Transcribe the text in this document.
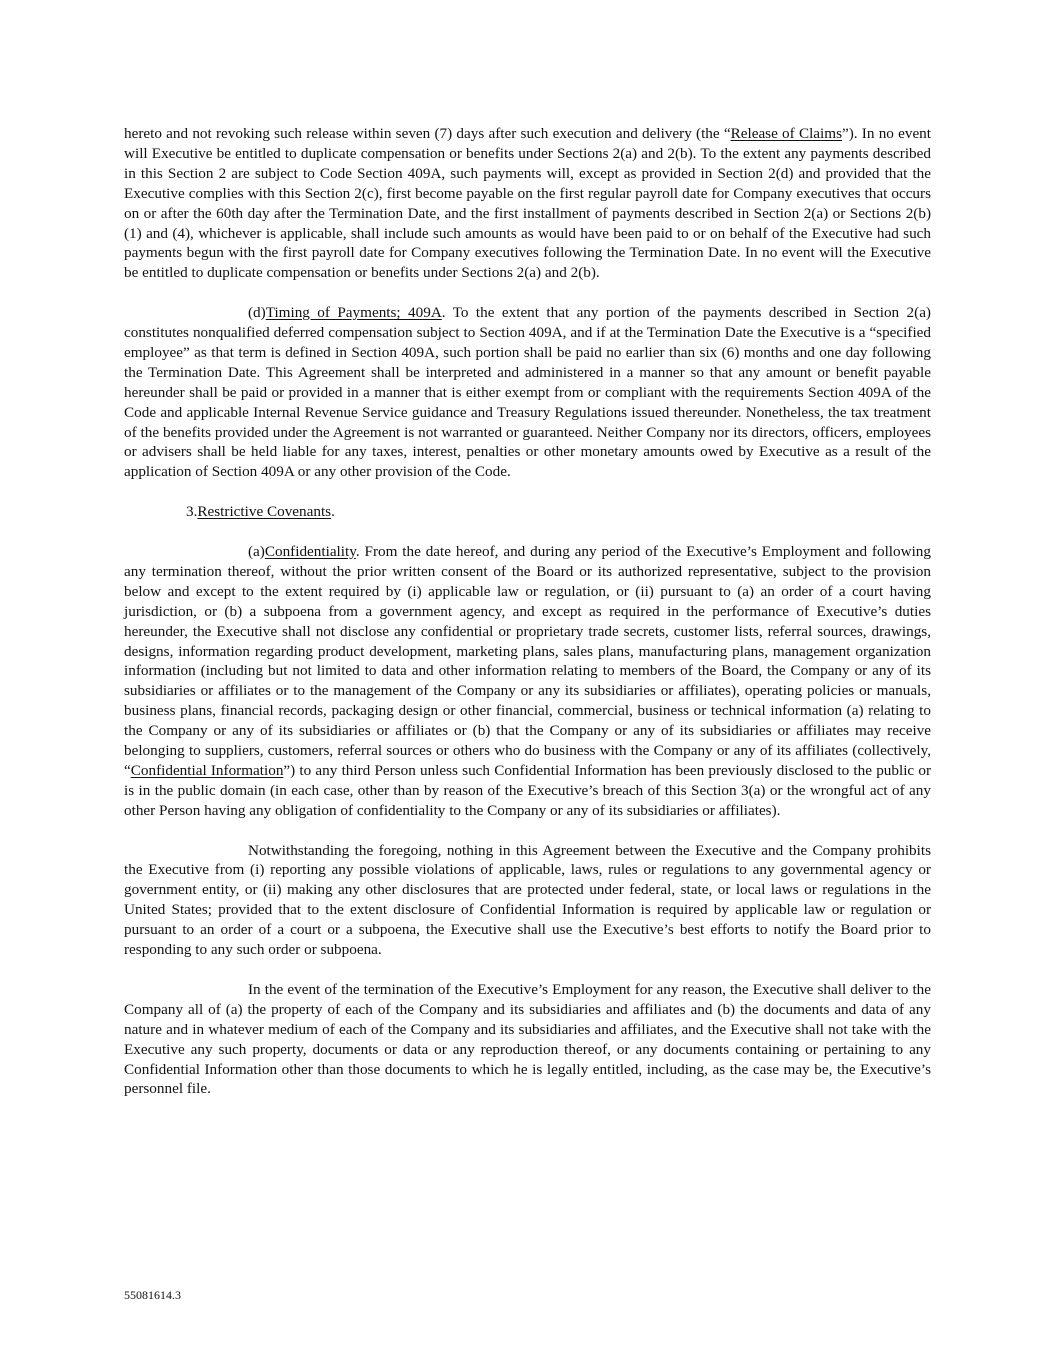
hereto and not revoking such release within seven (7) days after such execution and delivery (the “Release of Claims”). In no event will Executive be entitled to duplicate compensation or benefits under Sections 2(a) and 2(b). To the extent any payments described in this Section 2 are subject to Code Section 409A, such payments will, except as provided in Section 2(d) and provided that the Executive complies with this Section 2(c), first become payable on the first regular payroll date for Company executives that occurs on or after the 60th day after the Termination Date, and the first installment of payments described in Section 2(a) or Sections 2(b)(1) and (4), whichever is applicable, shall include such amounts as would have been paid to or on behalf of the Executive had such payments begun with the first payroll date for Company executives following the Termination Date. In no event will the Executive be entitled to duplicate compensation or benefits under Sections 2(a) and 2(b).

(d)Timing of Payments; 409A. To the extent that any portion of the payments described in Section 2(a) constitutes nonqualified deferred compensation subject to Section 409A, and if at the Termination Date the Executive is a “specified employee” as that term is defined in Section 409A, such portion shall be paid no earlier than six (6) months and one day following the Termination Date. This Agreement shall be interpreted and administered in a manner so that any amount or benefit payable hereunder shall be paid or provided in a manner that is either exempt from or compliant with the requirements Section 409A of the Code and applicable Internal Revenue Service guidance and Treasury Regulations issued thereunder. Nonetheless, the tax treatment of the benefits provided under the Agreement is not warranted or guaranteed. Neither Company nor its directors, officers, employees or advisers shall be held liable for any taxes, interest, penalties or other monetary amounts owed by Executive as a result of the application of Section 409A or any other provision of the Code.

3.Restrictive Covenants.

(a)Confidentiality. From the date hereof, and during any period of the Executive’s Employment and following any termination thereof, without the prior written consent of the Board or its authorized representative, subject to the provision below and except to the extent required by (i) applicable law or regulation, or (ii) pursuant to (a) an order of a court having jurisdiction, or (b) a subpoena from a government agency, and except as required in the performance of Executive’s duties hereunder, the Executive shall not disclose any confidential or proprietary trade secrets, customer lists, referral sources, drawings, designs, information regarding product development, marketing plans, sales plans, manufacturing plans, management organization information (including but not limited to data and other information relating to members of the Board, the Company or any of its subsidiaries or affiliates or to the management of the Company or any its subsidiaries or affiliates), operating policies or manuals, business plans, financial records, packaging design or other financial, commercial, business or technical information (a) relating to the Company or any of its subsidiaries or affiliates or (b) that the Company or any of its subsidiaries or affiliates may receive belonging to suppliers, customers, referral sources or others who do business with the Company or any of its affiliates (collectively, “Confidential Information”) to any third Person unless such Confidential Information has been previously disclosed to the public or is in the public domain (in each case, other than by reason of the Executive’s breach of this Section 3(a) or the wrongful act of any other Person having any obligation of confidentiality to the Company or any of its subsidiaries or affiliates).

Notwithstanding the foregoing, nothing in this Agreement between the Executive and the Company prohibits the Executive from (i) reporting any possible violations of applicable, laws, rules or regulations to any governmental agency or government entity, or (ii) making any other disclosures that are protected under federal, state, or local laws or regulations in the United States; provided that to the extent disclosure of Confidential Information is required by applicable law or regulation or pursuant to an order of a court or a subpoena, the Executive shall use the Executive’s best efforts to notify the Board prior to responding to any such order or subpoena.

In the event of the termination of the Executive’s Employment for any reason, the Executive shall deliver to the Company all of (a) the property of each of the Company and its subsidiaries and affiliates and (b) the documents and data of any nature and in whatever medium of each of the Company and its subsidiaries and affiliates, and the Executive shall not take with the Executive any such property, documents or data or any reproduction thereof, or any documents containing or pertaining to any Confidential Information other than those documents to which he is legally entitled, including, as the case may be, the Executive’s personnel file.

55081614.3
